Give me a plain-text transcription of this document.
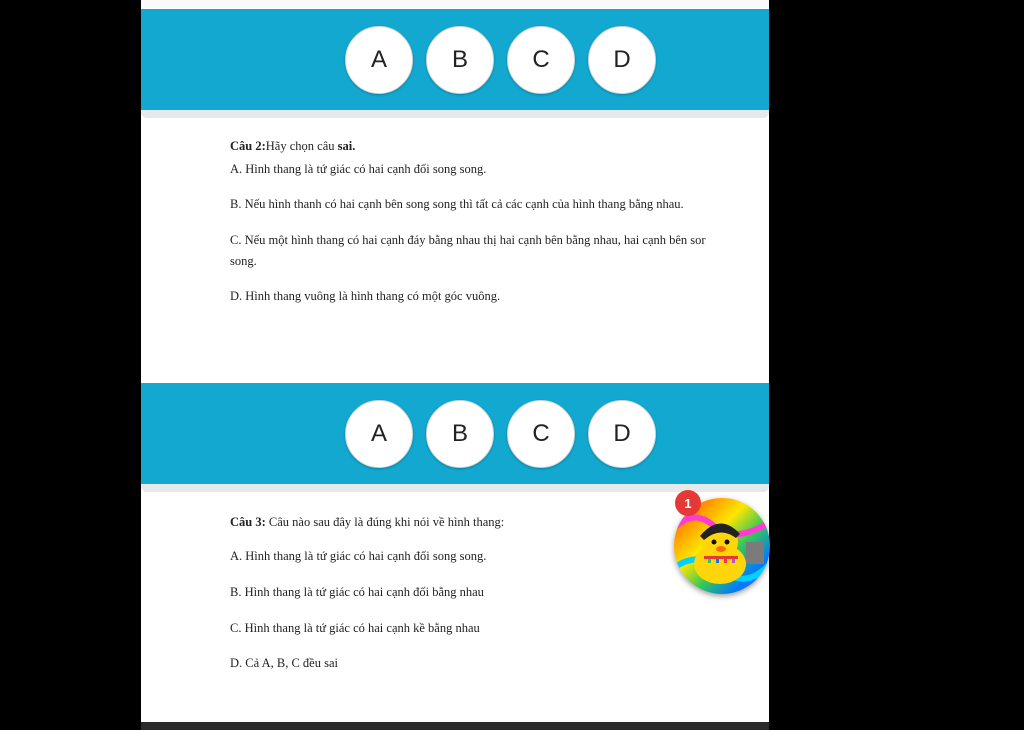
A	B	C	D
Câu 2:Hãy chọn câu sai.
A. Hình thang là tứ giác có hai cạnh đối song song.
B. Nếu hình thanh có hai cạnh bên song song thì tất cả các cạnh của hình thang bằng nhau.
C. Nếu một hình thang có hai cạnh đáy bằng nhau thị hai cạnh bên bằng nhau, hai cạnh bên sor
song.
D. Hình thang vuông là hình thang có một góc vuông.
A	B	C	D
Câu 3: Câu nào sau đây là đúng khi nói về hình thang:
A. Hình thang là tứ giác có hai cạnh đối song song.
B. Hình thang là tứ giác có hai cạnh đối bằng nhau
C. Hình thang là tứ giác có hai cạnh kề bằng nhau
D. Cả A, B, C đều sai
1
